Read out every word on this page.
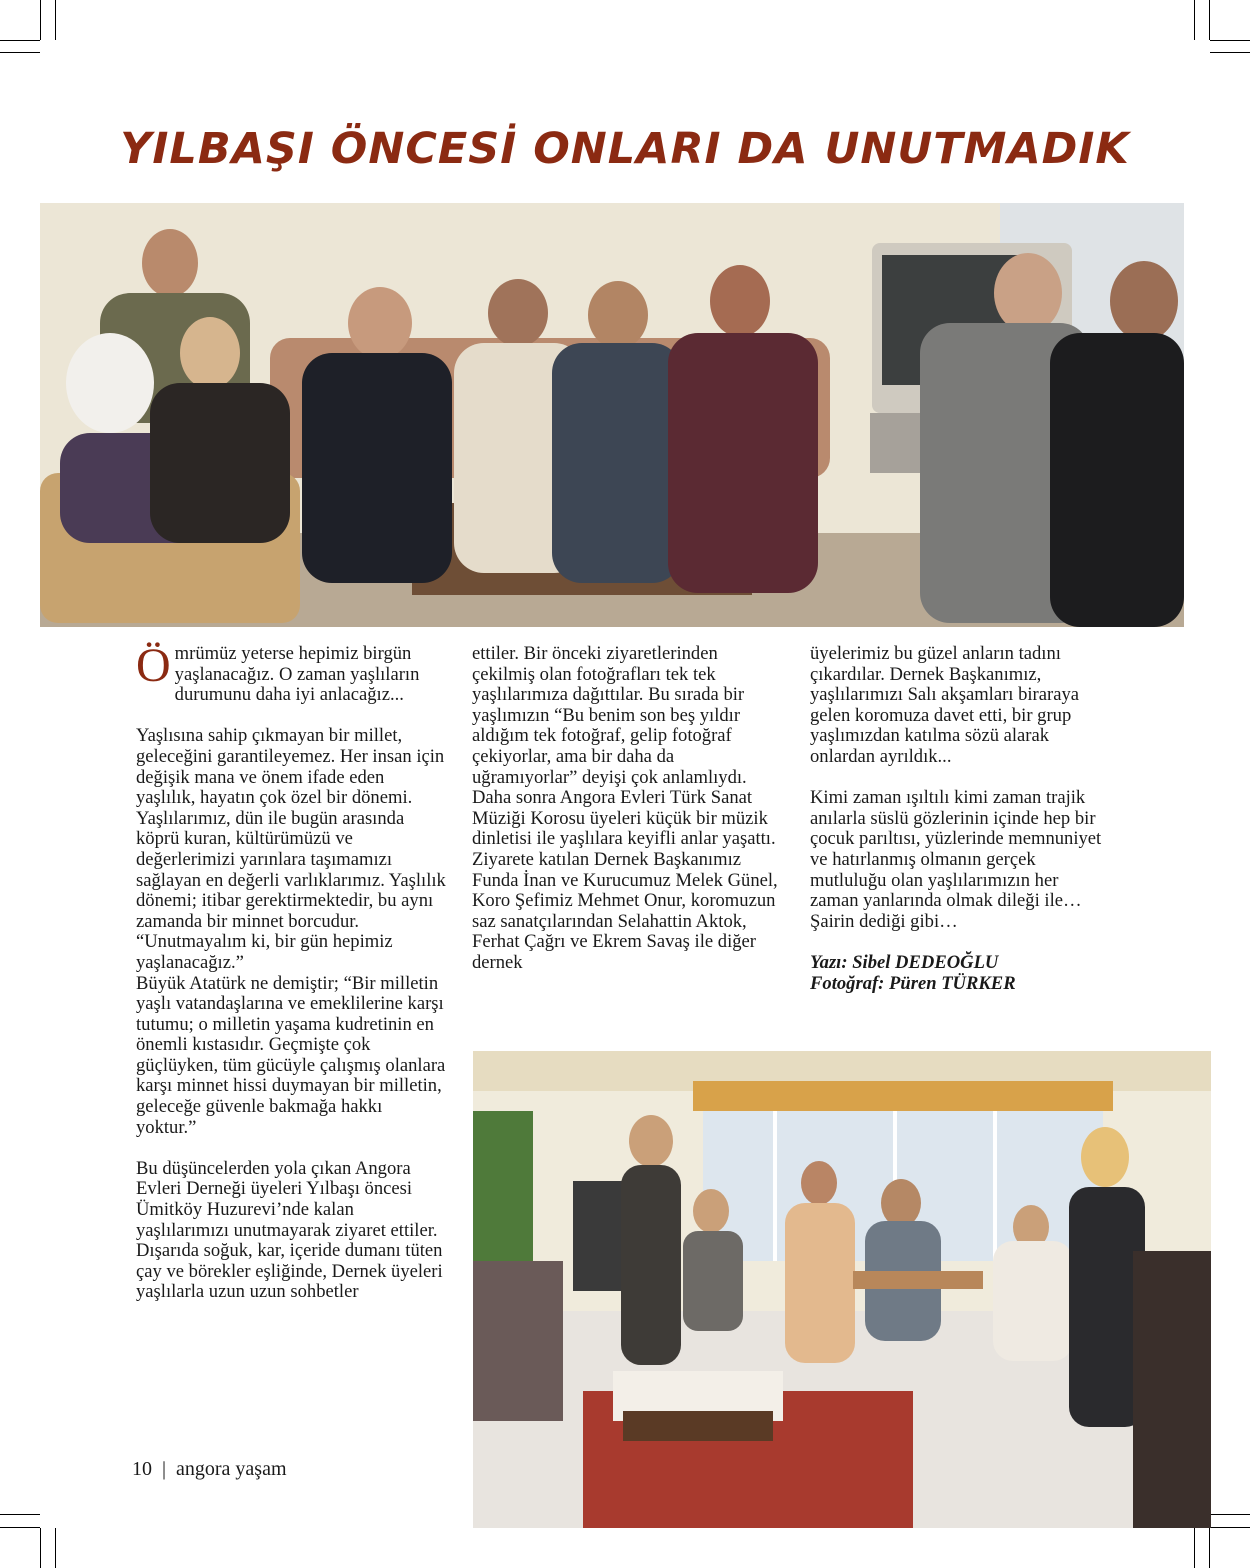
YILBAŞI ÖNCESİ ONLARI DA UNUTMADIK

Ömrümüz yeterse hepimiz birgün yaşlanacağız. O zaman yaşlıların durumunu daha iyi anlacağız...

Yaşlısına sahip çıkmayan bir millet, geleceğini garantileyemez. Her insan için değişik mana ve önem ifade eden yaşlılık, hayatın çok özel bir dönemi. Yaşlılarımız, dün ile bugün arasında köprü kuran, kültürümüzü ve değerlerimizi yarınlara taşımamızı sağlayan en değerli varlıklarımız. Yaşlılık dönemi; itibar gerektirmektedir, bu aynı zamanda bir minnet borcudur. “Unutmayalım ki, bir gün hepimiz yaşlanacağız.”

Büyük Atatürk ne demiştir; “Bir milletin yaşlı vatandaşlarına ve emeklilerine karşı tutumu; o milletin yaşama kudretinin en önemli kıstasıdır. Geçmişte çok güçlüyken, tüm gücüyle çalışmış olanlara karşı minnet hissi duymayan bir milletin, geleceğe güvenle bakmağa hakkı yoktur.”

Bu düşüncelerden yola çıkan Angora Evleri Derneği üyeleri Yılbaşı öncesi Ümitköy Huzurevi’nde kalan yaşlılarımızı unutmayarak ziyaret ettiler. Dışarıda soğuk, kar, içeride dumanı tüten çay ve börekler eşliğinde, Dernek üyeleri yaşlılarla uzun uzun sohbetler

ettiler. Bir önceki ziyaretlerinden çekilmiş olan fotoğrafları tek tek yaşlılarımıza dağıttılar. Bu sırada bir yaşlımızın “Bu benim son beş yıldır aldığım tek fotoğraf, gelip fotoğraf çekiyorlar, ama bir daha da uğramıyorlar” deyişi çok anlamlıydı.

Daha sonra Angora Evleri Türk Sanat Müziği Korosu üyeleri küçük bir müzik dinletisi ile yaşlılara keyifli anlar yaşattı. Ziyarete katılan Dernek Başkanımız Funda İnan ve Kurucumuz Melek Günel, Koro Şefimiz Mehmet Onur, koromuzun saz sanatçılarından Selahattin Aktok, Ferhat Çağrı ve Ekrem Savaş ile diğer dernek

üyelerimiz bu güzel anların tadını çıkardılar. Dernek Başkanımız, yaşlılarımızı Salı akşamları biraraya gelen koromuza davet etti, bir grup yaşlımızdan katılma sözü alarak onlardan ayrıldık...

Kimi zaman ışıltılı kimi zaman trajik anılarla süslü gözlerinin içinde hep bir çocuk parıltısı, yüzlerinde memnuniyet ve hatırlanmış olmanın gerçek mutluluğu olan yaşlılarımızın her zaman yanlarında olmak dileği ile… Şairin dediği gibi…

Yazı: Sibel DEDEOĞLU
Fotoğraf: Püren TÜRKER

10 | angora yaşam
